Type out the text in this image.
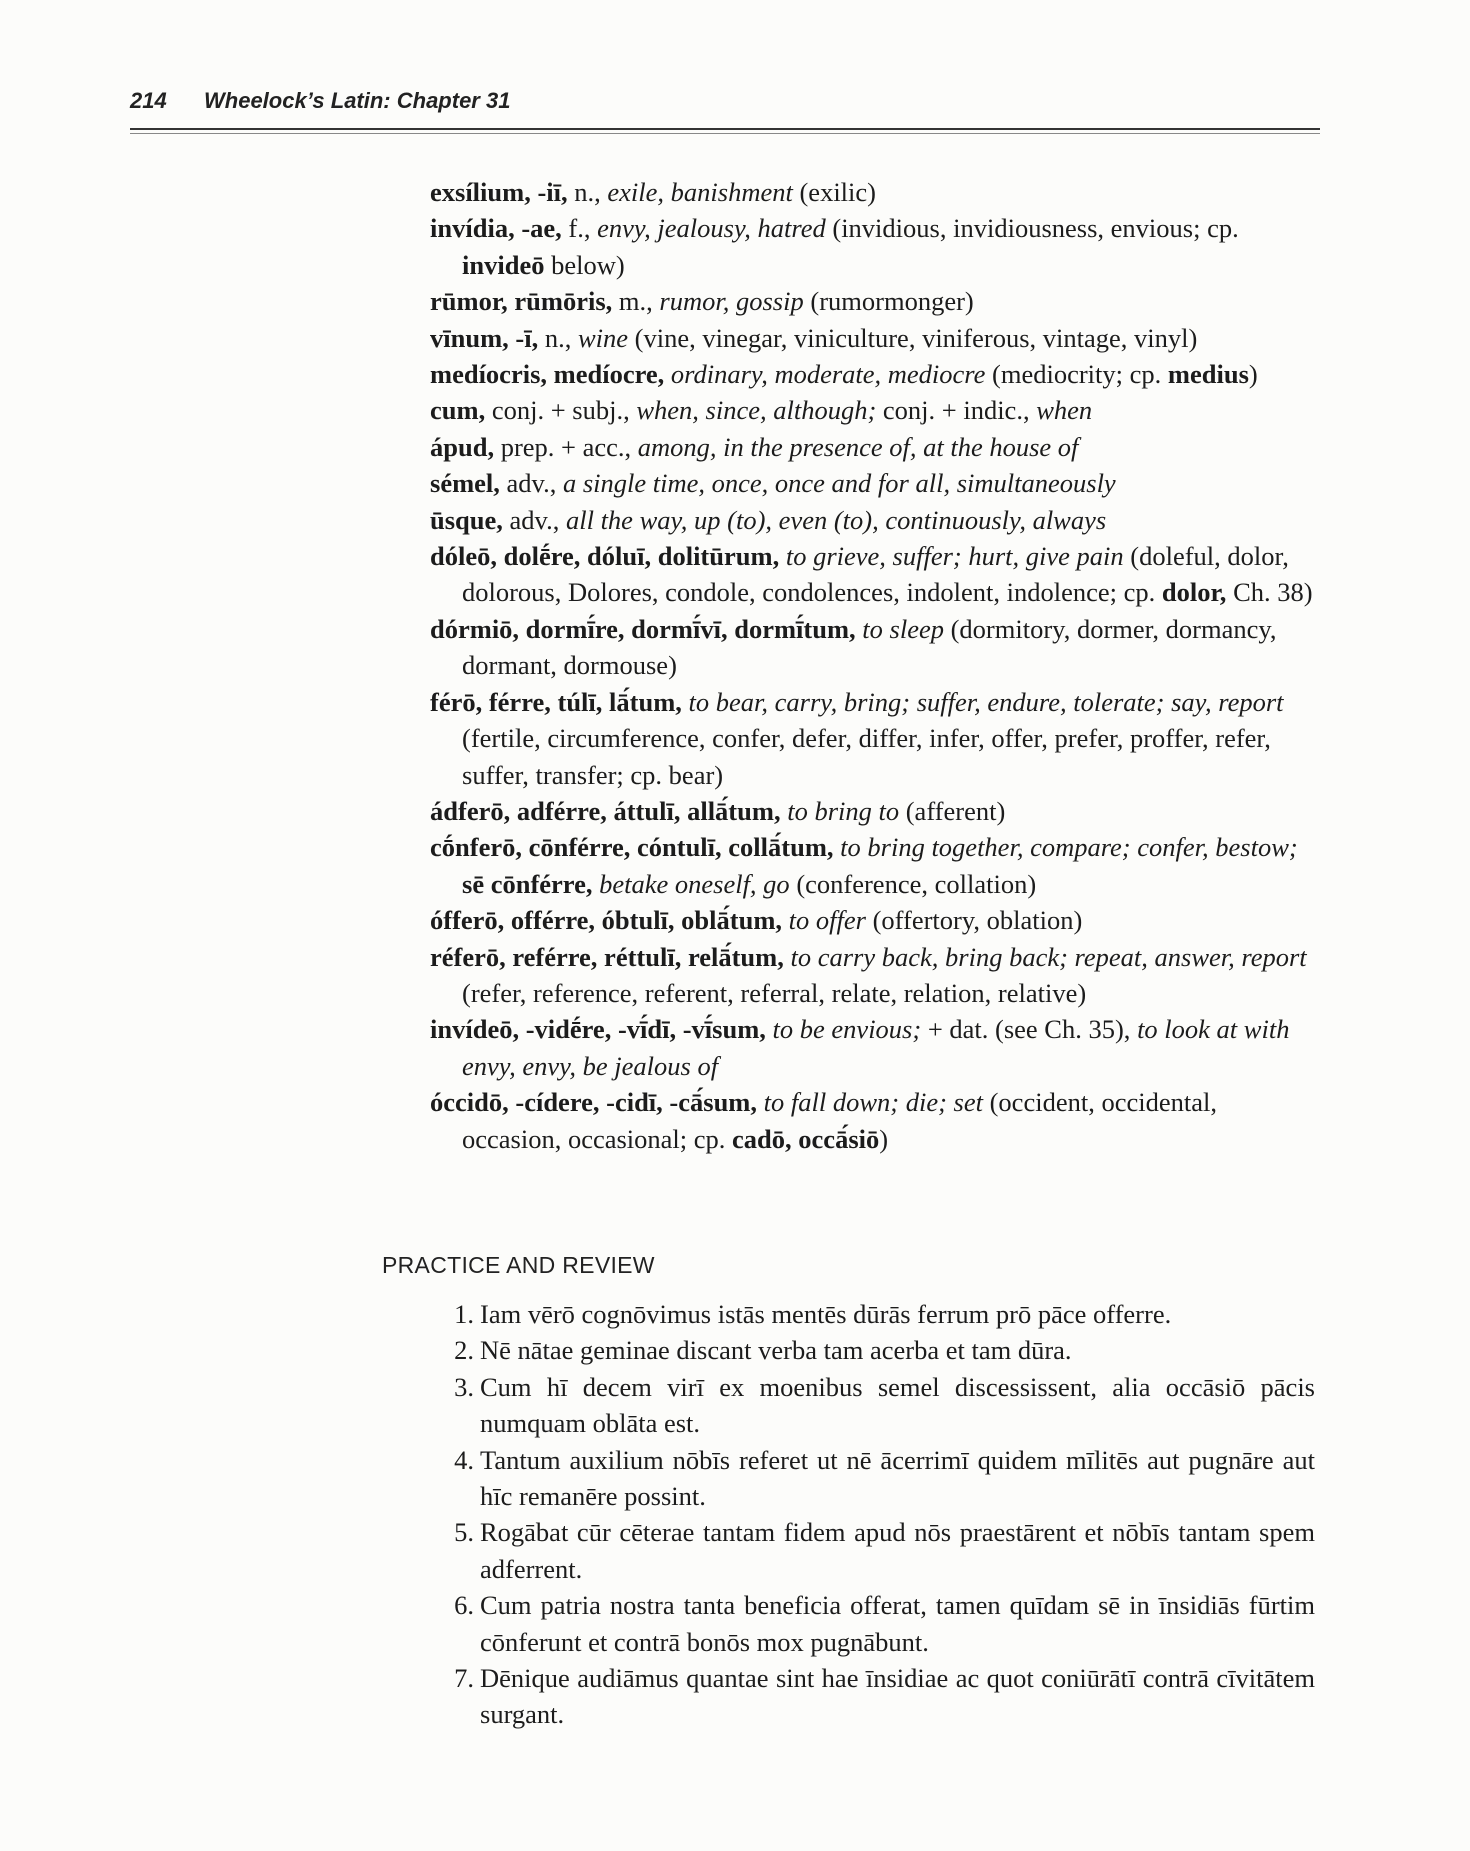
214 Wheelock’s Latin: Chapter 31

exsílium, -iī, n., exile, banishment (exilic)

invídia, -ae, f., envy, jealousy, hatred (invidious, invidiousness, envious; cp. invideō below)

rūmor, rūmōris, m., rumor, gossip (rumormonger)

vīnum, -ī, n., wine (vine, vinegar, viniculture, viniferous, vintage, vinyl)

medíocris, medíocre, ordinary, moderate, mediocre (mediocrity; cp. medius)

cum, conj. + subj., when, since, although; conj. + indic., when

ápud, prep. + acc., among, in the presence of, at the house of

sémel, adv., a single time, once, once and for all, simultaneously

ūsque, adv., all the way, up (to), even (to), continuously, always

dóleō, dolḗre, dóluī, dolitūrum, to grieve, suffer; hurt, give pain (doleful, dolor, dolorous, Dolores, condole, condolences, indolent, indolence; cp. dolor, Ch. 38)

dórmiō, dormī́re, dormī́vī, dormī́tum, to sleep (dormitory, dormer, dormancy, dormant, dormouse)

férō, férre, túlī, lā́tum, to bear, carry, bring; suffer, endure, tolerate; say, report (fertile, circumference, confer, defer, differ, infer, offer, prefer, proffer, refer, suffer, transfer; cp. bear)

ádferō, adférre, áttulī, allā́tum, to bring to (afferent)

cṓnferō, cōnférre, cóntulī, collā́tum, to bring together, compare; confer, bestow; sē cōnférre, betake oneself, go (conference, collation)

ófferō, offérre, óbtulī, oblā́tum, to offer (offertory, oblation)

réferō, reférre, réttulī, relā́tum, to carry back, bring back; repeat, answer, report (refer, reference, referent, referral, relate, relation, relative)

invídeō, -vidḗre, -vī́dī, -vī́sum, to be envious; + dat. (see Ch. 35), to look at with envy, envy, be jealous of

óccidō, -cídere, -cidī, -cā́sum, to fall down; die; set (occident, occidental, occasion, occasional; cp. cadō, occā́siō)

PRACTICE AND REVIEW
1. Iam vērō cognōvimus istās mentēs dūrās ferrum prō pāce offerre.
2. Nē nātae geminae discant verba tam acerba et tam dūra.
3. Cum hī decem virī ex moenibus semel discessissent, alia occāsiō pācis numquam oblāta est.
4. Tantum auxilium nōbīs referet ut nē ācerrimī quidem mīlitēs aut pugnāre aut hīc remanēre possint.
5. Rogābat cūr cēterae tantam fidem apud nōs praestārent et nōbīs tantam spem adferrent.
6. Cum patria nostra tanta beneficia offerat, tamen quīdam sē in īnsidiās fūrtim cōnferunt et contrā bonōs mox pugnābunt.
7. Dēnique audiāmus quantae sint hae īnsidiae ac quot coniūrātī contrā cīvitātem surgant.
